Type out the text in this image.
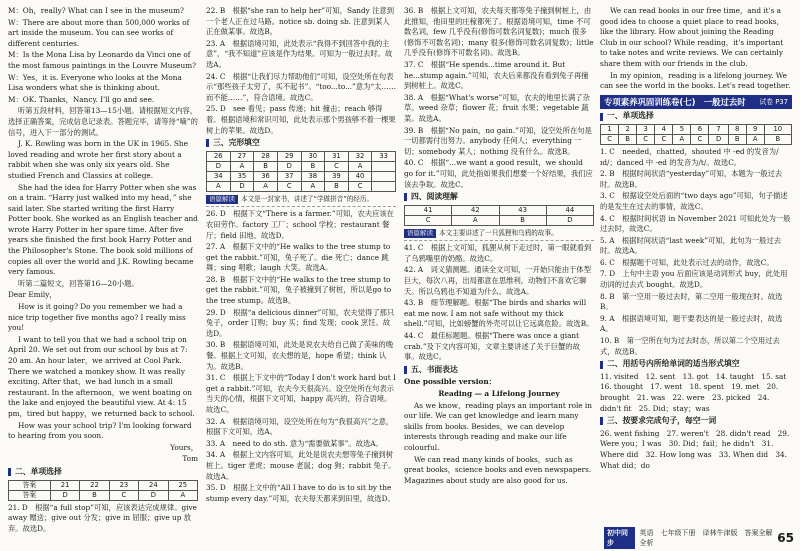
M：Oh，really? What can I see in the museum?

W：There are about more than 500,000 works of art inside the museum. You can see works of different centuries.

M：Is the Mona Lisa by Leonardo da Vinci one of the most famous paintings in the Louvre Museum?

W：Yes，it is. Everyone who looks at the Mona Lisa wonders what she is thinking about.

M：OK. Thanks，Nancy. I'll go and see.

听第五段材料，回答第13—15小题。请根据短文内容，选择正确答案，完成信息记录表。答题完毕，请等待“嘀”的信号，进入下一部分的测试。

J. K. Rowling was born in the UK in 1965. She loved reading and wrote her first story about a rabbit when she was only six years old. She studied French and Classics at college.

She had the idea for Harry Potter when she was on a train. “Harry just walked into my head，” she said later. She started writing the first Harry Potter book. She worked as an English teacher and wrote Harry Potter in her spare time. After five years she finished the first book Harry Potter and the Philosopher's Stone. The book sold millions of copies all over the world and J.K. Rowling became very famous.

听第二篇短文，回答第16—20小题。

Dear Emily，

How is it going? Do you remember we had a nice trip together five months ago? I really miss you!

I want to tell you that we had a school trip on April 20. We set out from our school by bus at 7: 20 am. An hour later，we arrived at Cool Park. There we watched a monkey show. It was really exciting. After that，we had lunch in a small restaurant. In the afternoon，we went boating on the lake and enjoyed the beautiful view. At 4: 15 pm，tired but happy，we returned back to school.

How was your school trip? I'm looking forward to hearing from you soon.

Yours，

Tom

二、单项选择
答案	21	22	23	24	25
答案	D	B	C	D	A

21. D　根据“a full stop”可知，应该表达完成规律。give away 赠送；give out 分发；give in 屈服；give up 放弃。故选D。

22. B　根据“she ran to help her”可知，Sandy 注意到一个老人正在过马路。notice sb. doing sb. 注意到某人正在做某事。故选B。

23. A　根据语境可知，此处表示“我得不到回答中我的主意”，“我不知道”应该是作为结果。可知为一般过去时。故选A。

24. C　根据“让我们尽力帮助他们”可知，设空处所在句表示“那些孩子太穷了，买不起书”。“too...to...”意为“太……而不能……”，符合语境。故选C。

25. D　see 看见；pass 传递；hit 撞击；reach 够得着。根据语境和常识可知，此处表示那个男孩够不着一棵果树上的苹果。故选D。

三、完形填空
26	27	28	29	30	31	32	33
D	A	B	D	B	C	A	
34	35	36	37	38	39	40	
A	D	A	C	A	B	C	

语篇解读 本文是一封家书，讲述了“学做拼音”的经历。

26. D　根据下文“There is a farmer.”可知，农夫应该在农田劳作。factory 工厂；school 学校；restaurant 餐厅；field 田地。故选D。

27. A　根据下文中的“He walks to the tree stump to get the rabbit.”可知，兔子死了。die 死亡；dance 跳舞；sing 唱歌；laugh 大笑。故选A。

28. B　根据下文中的“He walks to the tree stump to get the rabbit.”可知，兔子被撞到了树桩，所以是go to the tree stump。故选B。

29. D　根据“a delicious dinner”可知，农夫觉得了那只兔子，order 订购；buy 买；find 发现；cook 烹饪。故选D。

30. B　根据语境可知，此处是说农夫给自己做了美味的晚餐。根据上文可知，农夫想的是，hope 希望；think 认为。故选B。

31. C　根据上下文中的“Today I don't work hard but I get a rabbit.”可知，农夫今天很高兴。设空处所在句表示当天的心情，根据下文可知，happy 高兴的，符合语境。故选C。

32. A　根据语境可知，设空处所在句为“我很高兴”之意，根据下文可知，选A。

33. A　need to do sth. 意为“需要做某事”。故选A。

34. A　根据上文内容可知，此处是说农夫想等兔子撞到树桩上。tiger 老虎；mouse 老鼠；dog 狗；rabbit 兔子。故选A。

35. D　根据上文中的“All I have to do is to sit by the stump every day.”可知，农夫每天都来到田里，故选D。

36. B　根据上文可知，农夫每天都等兔子撞到树桩上，由此推知，他田里的庄稼都死了。根据语境可知，time 不可数名词，few 几乎没有(修饰可数名词复数)；much 很多(修饰不可数名词)；many 很多(修饰可数名词复数)；little 几乎没有(修饰不可数名词)。故选B。

37. C　根据“He spends...time around it. But he...stump again.”可知，农夫后来都没有看到兔子再撞到树桩上。故选C。

38. A　根据“What's worse”可知，农夫的地里长满了杂草。weed 杂草；flower 花；fruit 水果；vegetable 蔬菜。故选A。

39. B　根据“No pain，no gain.”可知，设空处所在句是一切都需付出努力。anybody 任何人；everything 一切；somebody 某人；nothing 没有什么。故选B。

40. C　根据“...we want a good result，we should go for it.”可知，此处指如果我们想要一个好结果，我们应该去争取。故选C。

四、阅读理解
41	42	43	44
C	A	B	D

语篇解读 本文主要讲述了一只狐狸和乌鸦的故事。

41. C　根据上文可知，狐狸从树下走过时，第一眼就看到了乌鸦嘴里的奶酪。故选C。

42. A　词义猜测题。通读全文可知，一开始只能由于体型巨大，每次八再，出局都意在思维利，动物们不喜欢它聊天。所以乌鸦也不知道为什么。故选A。

43. B　细节理解题。根据“The birds and sharks will eat me now. I am not safe without my thick shell.”可知，比如螃蟹的外壳可以让它远离危险。故选B。

44. C　最佳标题题。根据“There was once a giant crab.”及下文内容可知，文章主要讲述了关于巨蟹的故事。故选C。

五、书面表达

One possible version：

Reading — a Lifelong Journey

As we know，reading plays an important role in our life. We can get knowledge and learn many skills from books. Besides，we can develop interests through reading and make our life colourful.

We can read many kinds of books，such as great books，science books and even newspapers. Magazines about study are also good for us.

We can read books in our free time，and it's a good idea to choose a quiet place to read books，like the library. How about joining the Reading Club in our school? While reading，it's important to take notes and write reviews. We can certainly share them with our friends in the club.

In my opinion，reading is a lifelong journey. We can see the world in the books. Let's read together.

专项素养巩固训练卷(七)　一般过去时	试卷 P37
一、单项选择
1	2	3	4	5	6	7	8	9	10
C	B	C	C	A	C	D	B	A	B

1. C　needed，chatted，shouted 中 -ed 的发音为/ɪd/；danced 中 -ed 的发音为/t/。故选C。

2. B　根据时间状语“yesterday”可知，本题为一般过去时。故选B。

3. C　根据设空处后面的“two days ago”可知，句子描述的是发生在过去的事情，故选C。

4. C　根据时间状语 in November 2021 可知此处为一般过去时，故选C。

5. A　根据时间状语“last week”可知，此句为一般过去时。故选A。

6. C　根据题干可知，此处表示过去的动作，故选C。

7. D　上句中主语 you 后面应该是动词形式 buy，此处用动词的过去式 bought。故选D。

8. B　第一空用一般过去时，第二空用一般现在时。故选B。

9. A　根据语境可知，题干要表达的是一般过去时，故选A。

10. B　第一空所在句为过去时态，所以第二个空用过去式，故选B。

二、用括号内所给单词的适当形式填空

11. visited　12. sent　13. got　14. taught　15. sat　16. thought　17. went　18. spent　19. met　20. brought　21. was　22. were　23. picked　24. didn't fit　25. Did；stay；was

三、按要求完成句子，每空一词

26. went fishing　27. weren't　28. didn't read　29. Were you；I was　30. Did；fail；he didn't　31. Where did　32. How long was　33. When did　34. What did；do

初中同步
英语　七年级下册　译林牛津版　答案全解全析	65
